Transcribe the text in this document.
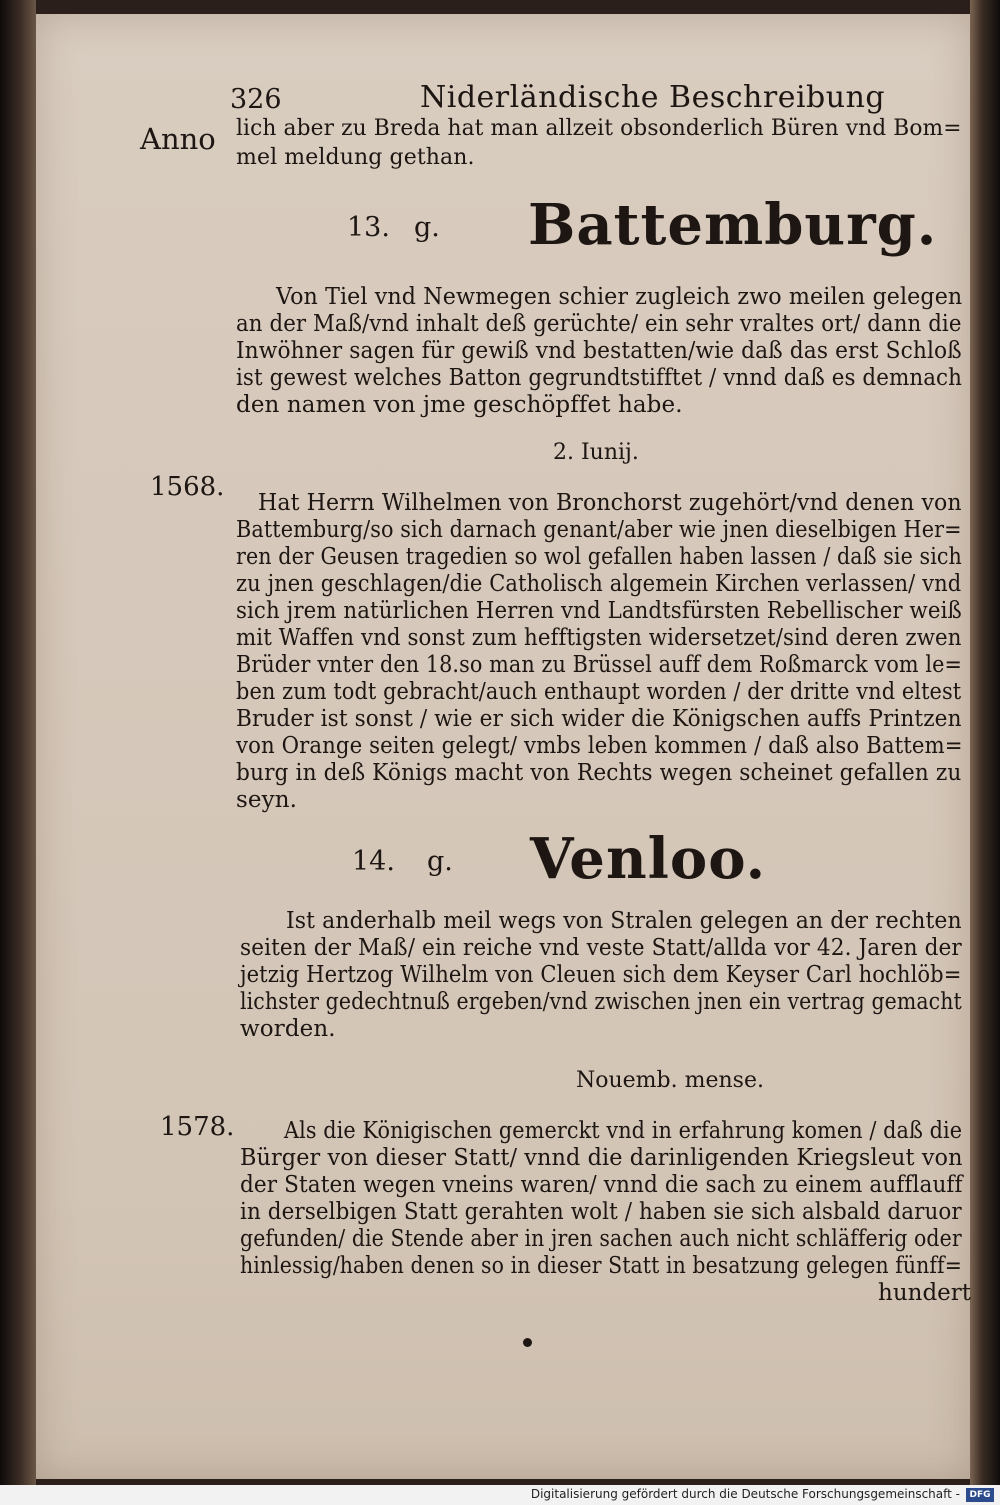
326	Niderländische Beschreibung
Anno lich aber zu Breda hat man allzeit obsonderlich Büren vnd Bom=
mel meldung gethan.
13. g. Battemburg.
Von Tiel vnd Newmegen schier zugleich zwo meilen gelegen
an der Maß/vnd inhalt deß gerüchte/ ein sehr vraltes ort/ dann die
Inwöhner sagen für gewiß vnd bestatten/wie daß das erst Schloß
ist gewest welches Batton gegrundtstifftet / vnnd daß es demnach
den namen von jme geschöpffet habe.
2. Iunij.
1568.
Hat Herrn Wilhelmen von Bronchorst zugehört/vnd denen von
Battemburg/so sich darnach genant/aber wie jnen dieselbigen Her=
ren der Geusen tragedien so wol gefallen haben lassen / daß sie sich
zu jnen geschlagen/die Catholisch algemein Kirchen verlassen/ vnd
sich jrem natürlichen Herren vnd Landtsfürsten Rebellischer weiß
mit Waffen vnd sonst zum hefftigsten widersetzet/sind deren zwen
Brüder vnter den 18.so man zu Brüssel auff dem Roßmarck vom le=
ben zum todt gebracht/auch enthaupt worden / der dritte vnd eltest
Bruder ist sonst / wie er sich wider die Königschen auffs Printzen
von Orange seiten gelegt/ vmbs leben kommen / daß also Battem=
burg in deß Königs macht von Rechts wegen scheinet gefallen zu
seyn.
14. g. Venloo.
Ist anderhalb meil wegs von Stralen gelegen an der rechten
seiten der Maß/ ein reiche vnd veste Statt/allda vor 42. Jaren der
jetzig Hertzog Wilhelm von Cleuen sich dem Keyser Carl hochlöb=
lichster gedechtnuß ergeben/vnd zwischen jnen ein vertrag gemacht
worden.
Nouemb. mense.
1578. Als die Königischen gemerckt vnd in erfahrung komen / daß die
Bürger von dieser Statt/ vnnd die darinligenden Kriegsleut von
der Staten wegen vneins waren/ vnnd die sach zu einem aufflauff
in derselbigen Statt gerahten wolt / haben sie sich alsbald daruor
gefunden/ die Stende aber in jren sachen auch nicht schläfferig oder
hinlessig/haben denen so in dieser Statt in besatzung gelegen fünff=
hundert
Digitalisierung gefördert durch die Deutsche Forschungsgemeinschaft -	DFG
